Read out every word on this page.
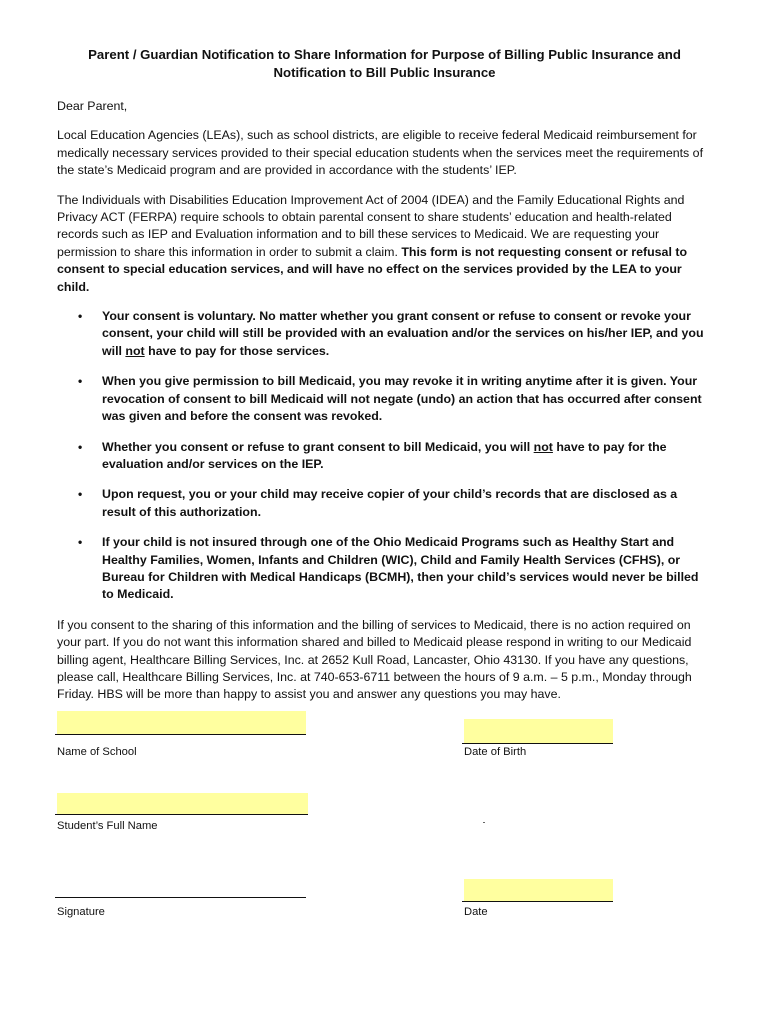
Parent / Guardian Notification to Share Information for Purpose of Billing Public Insurance and Notification to Bill Public Insurance
Dear Parent,
Local Education Agencies (LEAs), such as school districts, are eligible to receive federal Medicaid reimbursement for medically necessary services provided to their special education students when the services meet the requirements of the state’s Medicaid program and are provided in accordance with the students’ IEP.
The Individuals with Disabilities Education Improvement Act of 2004 (IDEA) and the Family Educational Rights and Privacy ACT (FERPA) require schools to obtain parental consent to share students’ education and health-related records such as IEP and Evaluation information and to bill these services to Medicaid. We are requesting your permission to share this information in order to submit a claim. This form is not requesting consent or refusal to consent to special education services, and will have no effect on the services provided by the LEA to your child.
• Your consent is voluntary. No matter whether you grant consent or refuse to consent or revoke your consent, your child will still be provided with an evaluation and/or the services on his/her IEP, and you will not have to pay for those services.
• When you give permission to bill Medicaid, you may revoke it in writing anytime after it is given. Your revocation of consent to bill Medicaid will not negate (undo) an action that has occurred after consent was given and before the consent was revoked.
• Whether you consent or refuse to grant consent to bill Medicaid, you will not have to pay for the evaluation and/or services on the IEP.
• Upon request, you or your child may receive copier of your child’s records that are disclosed as a result of this authorization.
• If your child is not insured through one of the Ohio Medicaid Programs such as Healthy Start and Healthy Families, Women, Infants and Children (WIC), Child and Family Health Services (CFHS), or Bureau for Children with Medical Handicaps (BCMH), then your child’s services would never be billed to Medicaid.
If you consent to the sharing of this information and the billing of services to Medicaid, there is no action required on your part. If you do not want this information shared and billed to Medicaid please respond in writing to our Medicaid billing agent, Healthcare Billing Services, Inc. at 2652 Kull Road, Lancaster, Ohio 43130. If you have any questions, please call, Healthcare Billing Services, Inc. at 740-653-6711 between the hours of 9 a.m. – 5 p.m., Monday through Friday. HBS will be more than happy to assist you and answer any questions you may have.
Name of School	Date of Birth
Student’s Full Name
Signature	Date
